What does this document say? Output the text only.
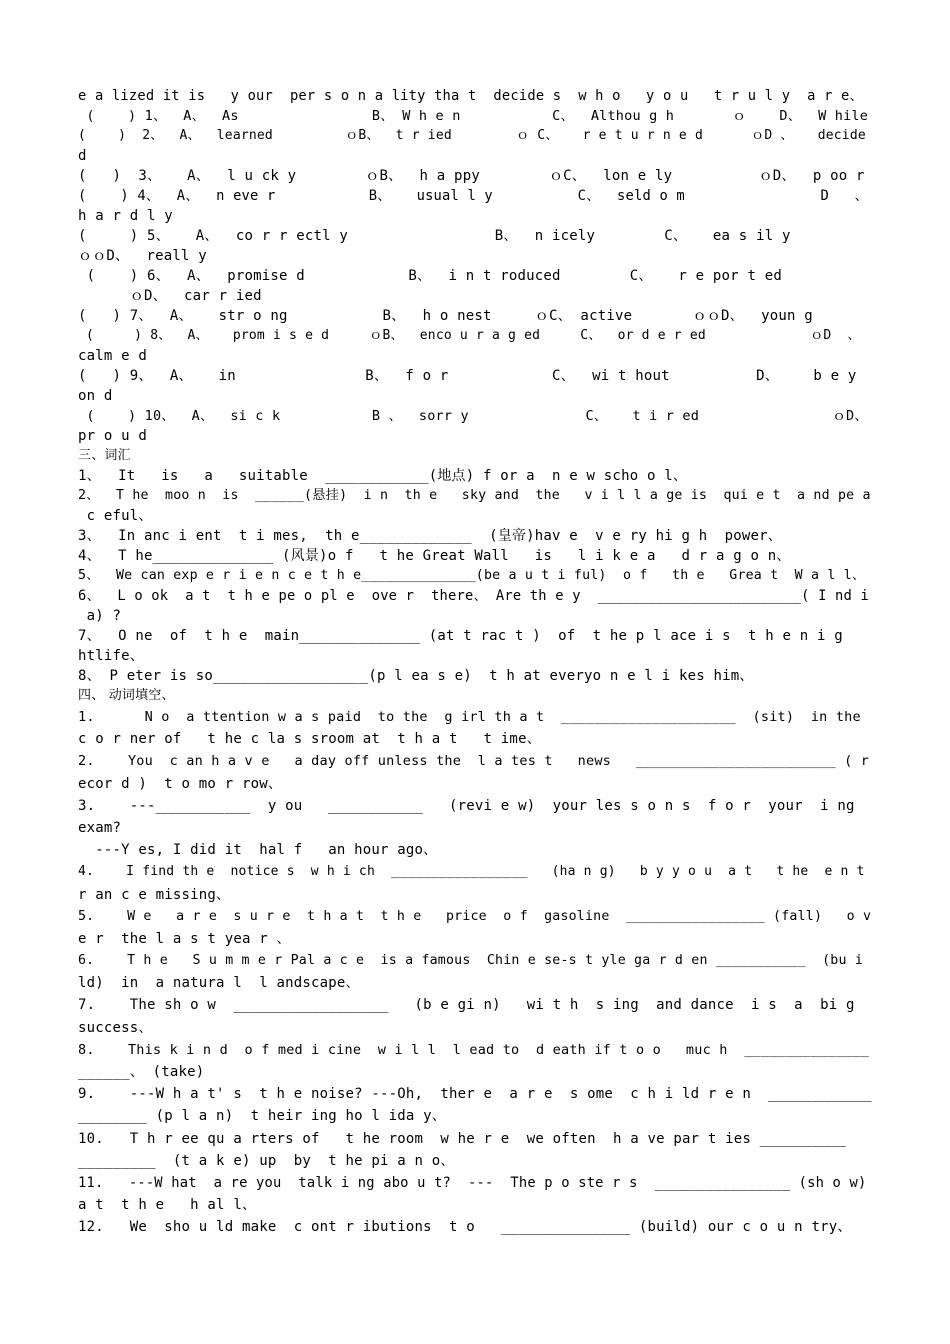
e a lized it is   y our  per s o n a lity tha t  decide s  w h o   y o u   t r u l y  a r e、
(    ) 1、  A、  As                B、 W h e n           C、  Althou g h       ｏ    D、  W hile
(    )  2、  A、  learned         ｏB、  t r ied        ｏ C、   r e t u r n e d      ｏD 、   decide
d
(   )  3、   A、  l u ck y        ｏB、  h a ppy        ｏC、  lon e ly          ｏD、  p oo r
(    ) 4、  A、  n eve r           B、   usual l y          C、  seld o m                D   、
h a r d l y
(     ) 5、   A、  co r r ectl y                 B、  n icely        C、   ea s il y
ｏｏD、  reall y
(    ) 6、  A、  promise d            B、  i n t roduced        C、   r e por t ed
ｏD、  car r ied
(   ) 7、  A、   str o ng           B、  h o nest     ｏC、 active       ｏｏD、  youn g
(     ) 8、  A、   prom i s e d     ｏB、  enco u r a g ed     C、  or d e r ed             ｏD  、
calm e d
(   ) 9、  A、   in               B、  f o r            C、  wi t hout          D、    b e y
on d
(    ) 10、  A、  si c k           B 、  sorr y              C、   t i r ed                ｏD、
pr o u d
三、词汇
1、  It   is   a   suitable  ____________(地点) f or a  n e w scho o l、
2、  T he  moo n  is  ______(悬挂)  i n  th e   sky and  the   v i l l a ge is  qui e t  a nd pe a
c eful、
3、  In anc i ent  t i mes,  th e_____________  (皇帝)hav e  v e ry hi g h  power、
4、  T he______________ (风景)o f   t he Great Wall   is   l i k e a   d r a g o n、
5、  We can exp e r i e n c e t h e______________(be a u t i ful)  o f   th e   Grea t  W a l l、
6、  L o ok  a t  t h e pe o pl e  ove r  there、 Are th e y  ________________________( I nd i
a) ?
7、  O ne  of  t h e  main______________ (at t rac t )  of  t he p l ace i s  t h e n i g
htlife、
8、 P eter is so__________________(p l ea s e)  t h at everyo n e l i kes him、
四、 动词填空、
1.      N o  a ttention w a s paid  to the  g irl th a t  _____________________  (sit)  in the
c o r ner of   t he c la s sroom at  t h a t   t ime、
2.    You  c an h a v e   a day off unless the  l a tes t   news   ________________________ ( r
ecor d )  t o mo r row、
3.    ---___________  y ou   ___________   (revi e w)  your les s o n s  f o r  your  i ng
exam?
---Y es, I did it  hal f   an hour ago、
4.    I find th e  notice s  w h i ch  _________________   (ha n g)   b y y o u  a t   t he  e n t
r an c e missing、
5.    W e   a r e  s u r e  t h a t  t h e   price  o f  gasoline  _________________ (fall)   o v
e r  the l a s t yea r 、
6.    T h e   S u m m e r Pal a c e  is a famous  Chin e se-s t yle ga r d en ___________  (bu i
ld)  in  a natura l  l andscape、
7.    The sh o w  __________________   (b e gi n)   wi t h  s ing  and dance  i s  a  bi g
success、
8.    This k i n d  o f med i cine  w i l l  l ead to  d eath if t o o   muc h  _______________
______、 (take)
9.    ---W h a t' s  t h e noise? ---Oh,  ther e  a r e  s ome  c h i ld r e n  ____________
________ (p l a n)  t heir ing ho l ida y、
10.   T h r ee qu a rters of   t he room  w he r e  we often  h a ve par t ies __________
_________  (t a k e) up  by  t he pi a n o、
11.   ---W hat  a re you  talk i ng abo u t?  ---  The p o ste r s  ________________ (sh o w)
a t  t h e   h al l、
12.   We  sho u ld make  c ont r ibutions  t o   _______________ (build) our c o u n try、
